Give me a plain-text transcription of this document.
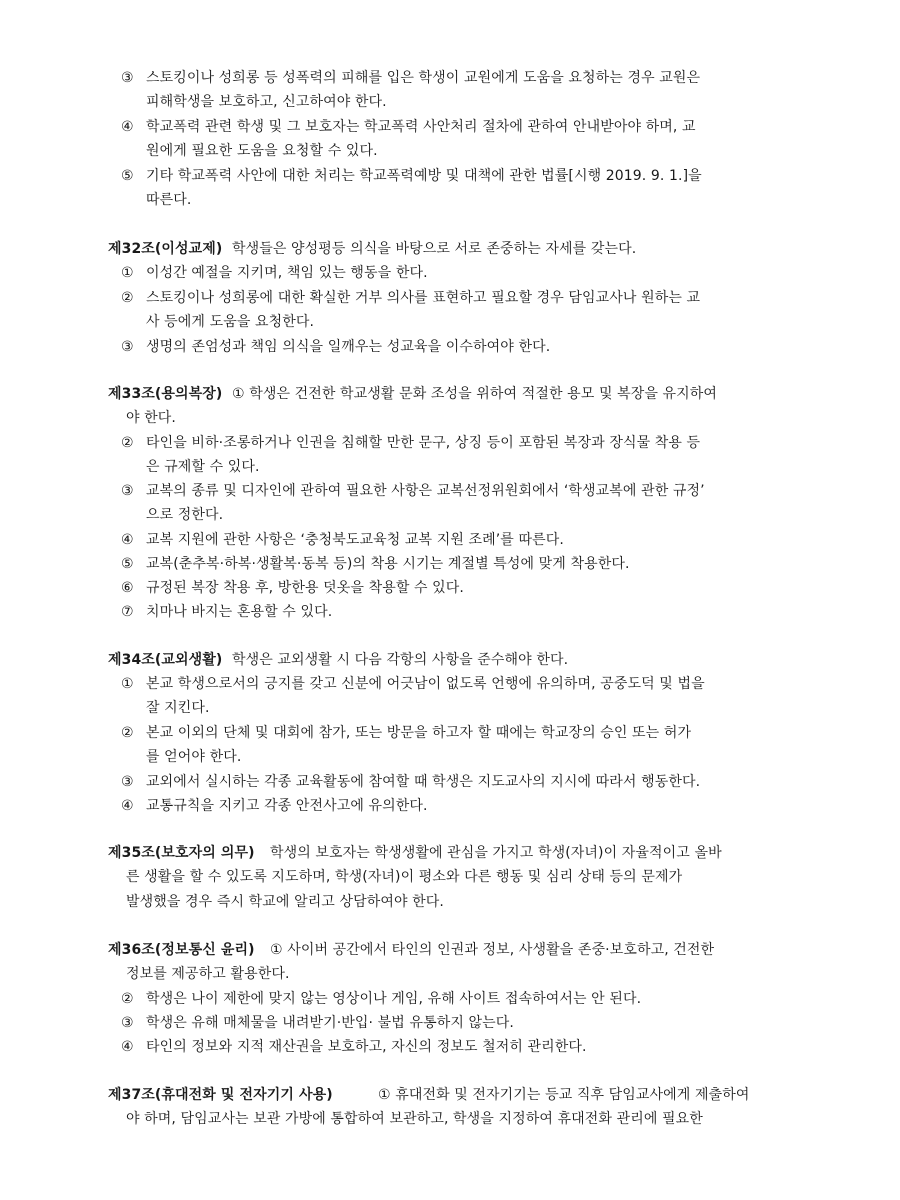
③ 스토킹이나 성희롱 등 성폭력의 피해를 입은 학생이 교원에게 도움을 요청하는 경우 교원은
피해학생을 보호하고, 신고하여야 한다.
④ 학교폭력 관련 학생 및 그 보호자는 학교폭력 사안처리 절차에 관하여 안내받아야 하며, 교
원에게 필요한 도움을 요청할 수 있다.
⑤ 기타 학교폭력 사안에 대한 처리는 학교폭력예방 및 대책에 관한 법률[시행 2019. 9. 1.]을
따른다.
제32조(이성교제) 학생들은 양성평등 의식을 바탕으로 서로 존중하는 자세를 갖는다.
① 이성간 예절을 지키며, 책임 있는 행동을 한다.
② 스토킹이나 성희롱에 대한 확실한 거부 의사를 표현하고 필요할 경우 담임교사나 원하는 교
사 등에게 도움을 요청한다.
③ 생명의 존엄성과 책임 의식을 일깨우는 성교육을 이수하여야 한다.
제33조(용의복장) ① 학생은 건전한 학교생활 문화 조성을 위하여 적절한 용모 및 복장을 유지하여
야 한다.
② 타인을 비하·조롱하거나 인권을 침해할 만한 문구, 상징 등이 포함된 복장과 장식물 착용 등
은 규제할 수 있다.
③ 교복의 종류 및 디자인에 관하여 필요한 사항은 교복선정위원회에서 ‘학생교복에 관한 규정’
으로 정한다.
④ 교복 지원에 관한 사항은 ‘충청북도교육청 교복 지원 조례’를 따른다.
⑤ 교복(춘추복·하복·생활복·동복 등)의 착용 시기는 계절별 특성에 맞게 착용한다.
⑥ 규정된 복장 착용 후, 방한용 덧옷을 착용할 수 있다.
⑦ 치마나 바지는 혼용할 수 있다.
제34조(교외생활) 학생은 교외생활 시 다음 각항의 사항을 준수해야 한다.
① 본교 학생으로서의 긍지를 갖고 신분에 어긋남이 없도록 언행에 유의하며, 공중도덕 및 법을
잘 지킨다.
② 본교 이외의 단체 및 대회에 참가, 또는 방문을 하고자 할 때에는 학교장의 승인 또는 허가
를 얻어야 한다.
③ 교외에서 실시하는 각종 교육활동에 참여할 때 학생은 지도교사의 지시에 따라서 행동한다.
④ 교통규칙을 지키고 각종 안전사고에 유의한다.
제35조(보호자의 의무) 학생의 보호자는 학생생활에 관심을 가지고 학생(자녀)이 자율적이고 올바
른 생활을 할 수 있도록 지도하며, 학생(자녀)이 평소와 다른 행동 및 심리 상태 등의 문제가
발생했을 경우 즉시 학교에 알리고 상담하여야 한다.
제36조(정보통신 윤리) ① 사이버 공간에서 타인의 인권과 정보, 사생활을 존중·보호하고, 건전한
정보를 제공하고 활용한다.
② 학생은 나이 제한에 맞지 않는 영상이나 게임, 유해 사이트 접속하여서는 안 된다.
③ 학생은 유해 매체물을 내려받기·반입· 불법 유통하지 않는다.
④ 타인의 정보와 지적 재산권을 보호하고, 자신의 정보도 철저히 관리한다.
제37조(휴대전화 및 전자기기 사용)	① 휴대전화 및 전자기기는 등교 직후 담임교사에게 제출하여
야 하며, 담임교사는 보관 가방에 통합하여 보관하고, 학생을 지정하여 휴대전화 관리에 필요한
